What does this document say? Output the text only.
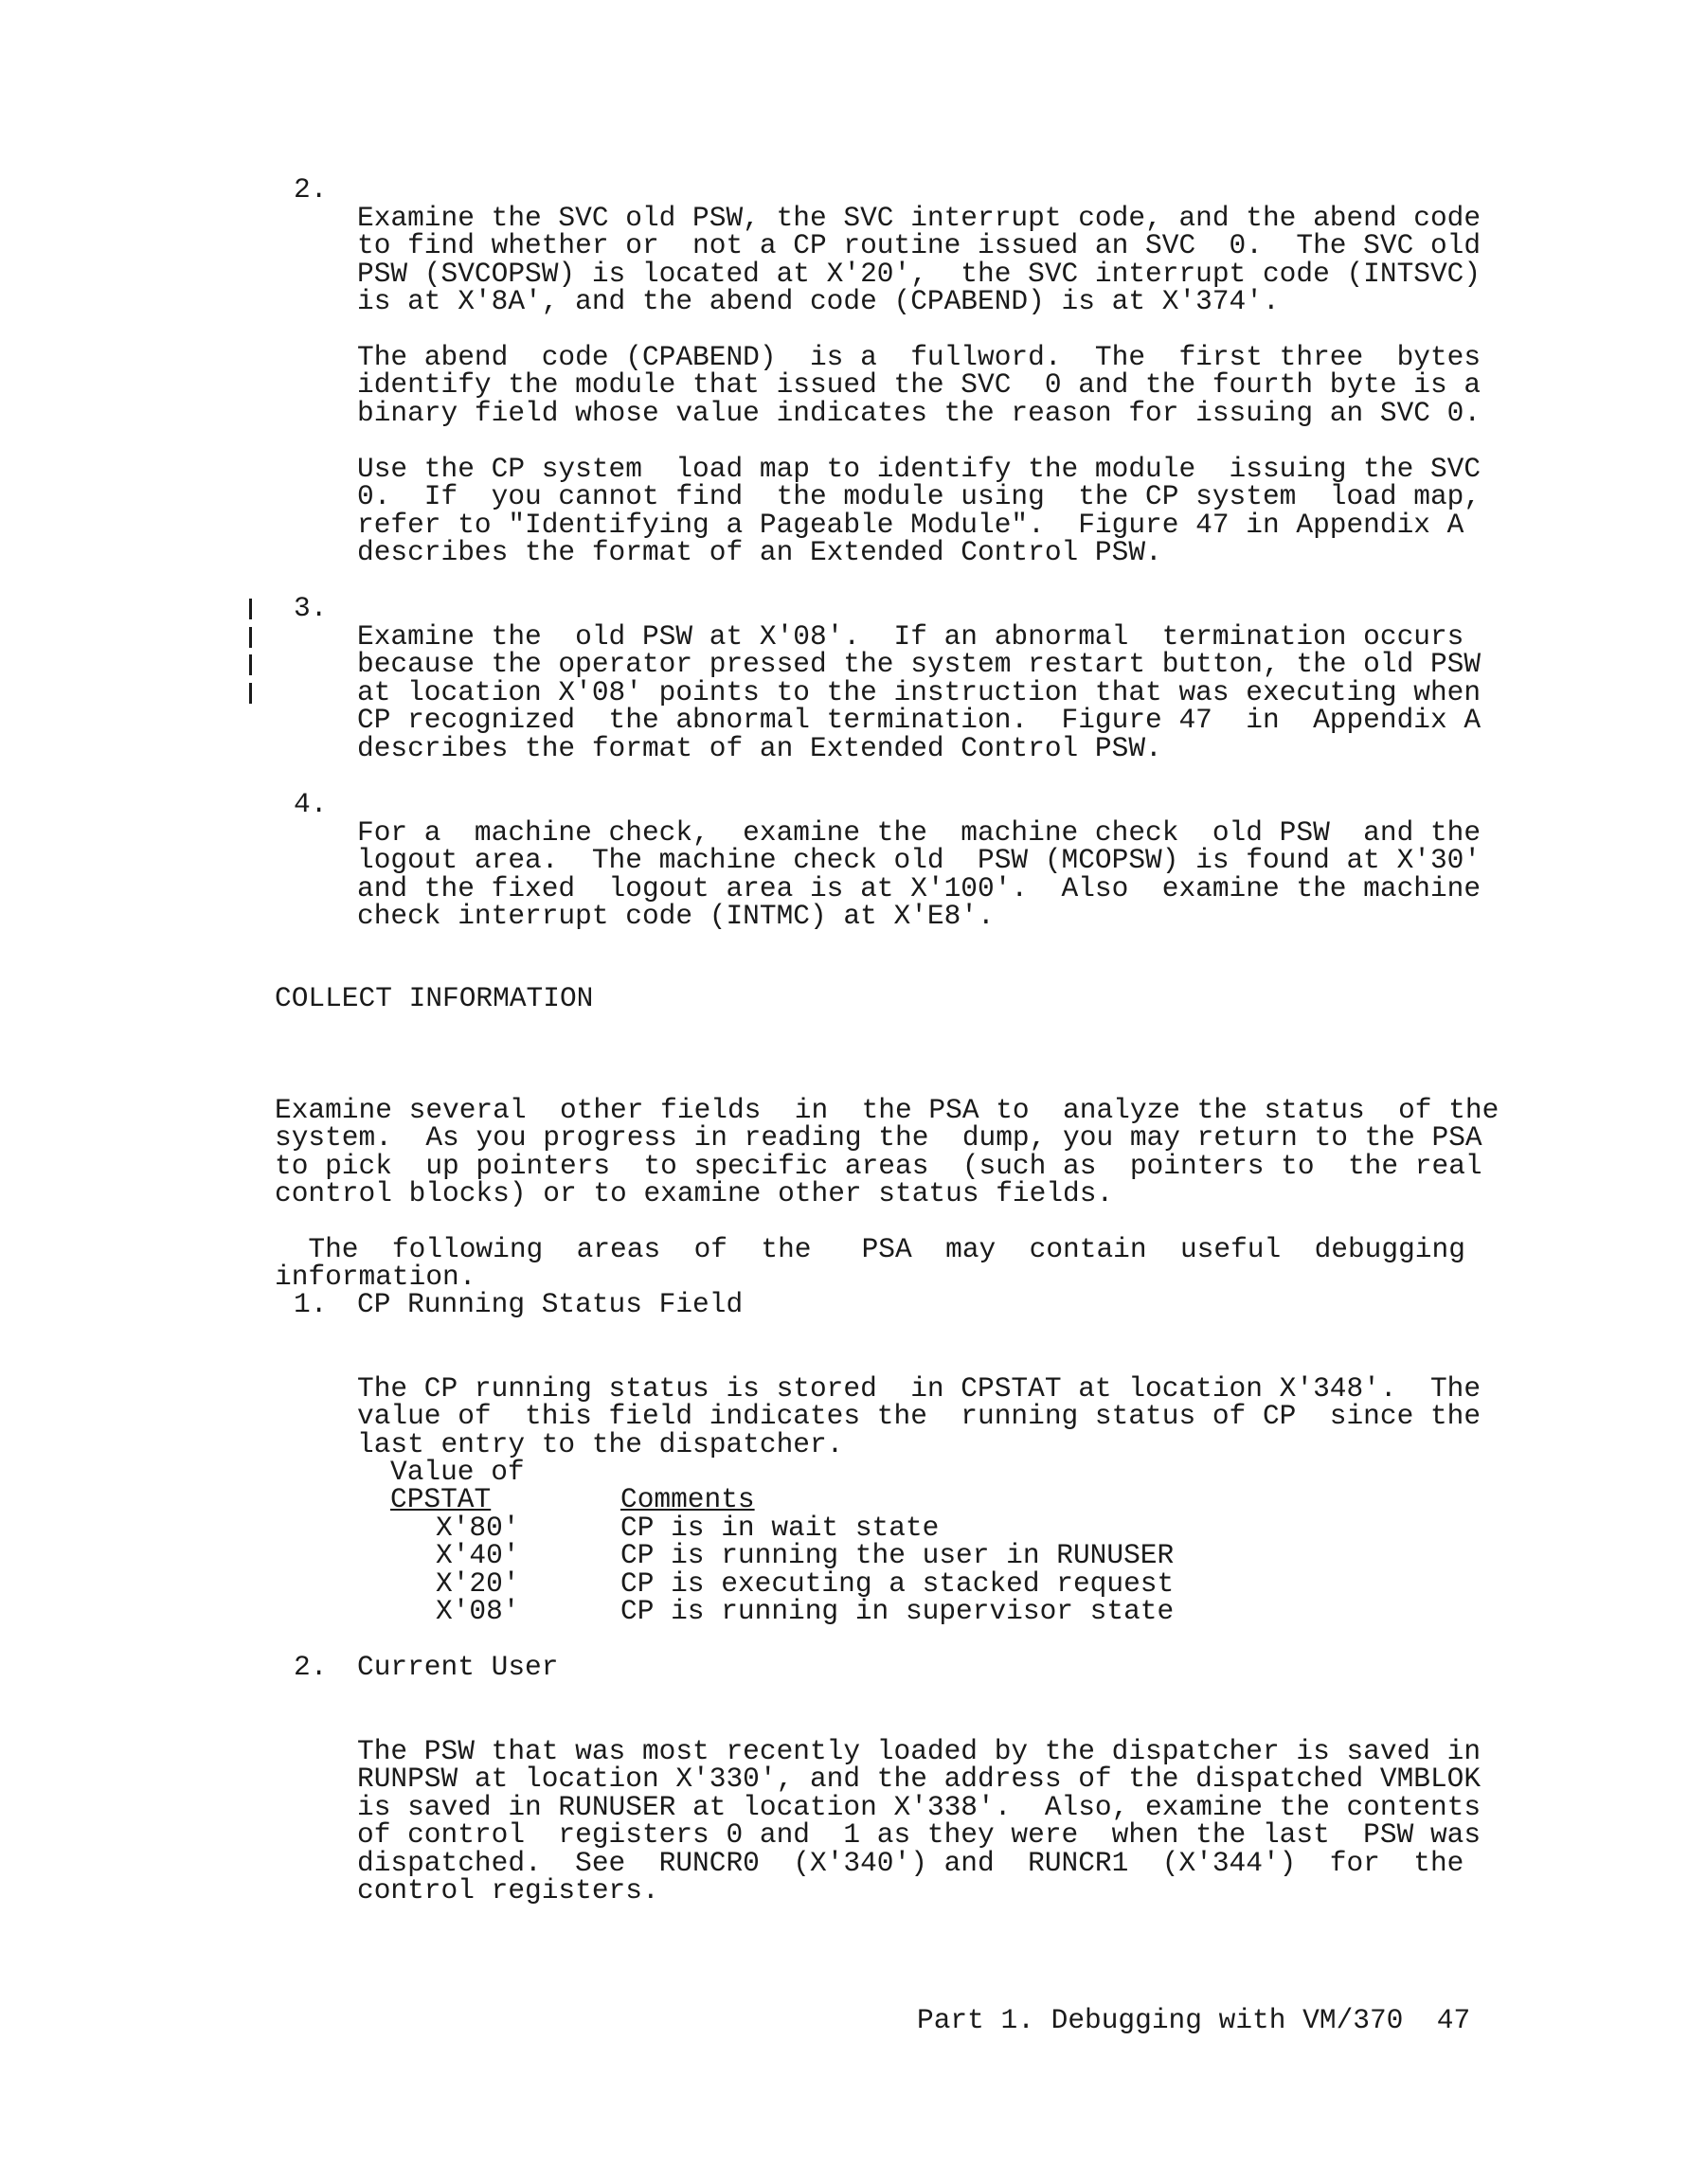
2.

Examine the SVC old PSW, the SVC interrupt code, and the abend code
to find whether or  not a CP routine issued an SVC  0.  The SVC old
PSW (SVCOPSW) is located at X'20',  the SVC interrupt code (INTSVC)
is at X'8A', and the abend code (CPABEND) is at X'374'.

The abend  code (CPABEND)  is a  fullword.  The  first three  bytes
identify the module that issued the SVC  0 and the fourth byte is a
binary field whose value indicates the reason for issuing an SVC 0.

Use the CP system  load map to identify the module  issuing the SVC
0.  If  you cannot find  the module using  the CP system  load map,
refer to "Identifying a Pageable Module".  Figure 47 in Appendix A
describes the format of an Extended Control PSW.

3.

Examine the  old PSW at X'08'.  If an abnormal  termination occurs
because the operator pressed the system restart button, the old PSW
at location X'08' points to the instruction that was executing when
CP recognized  the abnormal termination.  Figure 47  in  Appendix A
describes the format of an Extended Control PSW.

4.

For a  machine check,  examine the  machine check  old PSW  and the
logout area.  The machine check old  PSW (MCOPSW) is found at X'30'
and the fixed  logout area is at X'100'.  Also  examine the machine
check interrupt code (INTMC) at X'E8'.

COLLECT INFORMATION

Examine several  other fields  in  the PSA to  analyze the status  of the
system.  As you progress in reading the  dump, you may return to the PSA
to pick  up pointers  to specific areas  (such as  pointers to  the real
control blocks) or to examine other status fields.

The  following  areas  of  the   PSA  may  contain  useful  debugging
information.

1. CP Running Status Field

The CP running status is stored  in CPSTAT at location X'348'.  The
value of  this field indicates the  running status of CP  since the
last entry to the dispatcher.

Value of
CPSTAT	Comments
X'80'	CP is in wait state
X'40'	CP is running the user in RUNUSER
X'20'	CP is executing a stacked request
X'08'	CP is running in supervisor state
2. Current User

The PSW that was most recently loaded by the dispatcher is saved in
RUNPSW at location X'330', and the address of the dispatched VMBLOK
is saved in RUNUSER at location X'338'.  Also, examine the contents
of control  registers 0 and  1 as they were  when the last  PSW was
dispatched.  See  RUNCR0  (X'340') and  RUNCR1  (X'344')  for  the
control registers.

Part 1. Debugging with VM/370  47
